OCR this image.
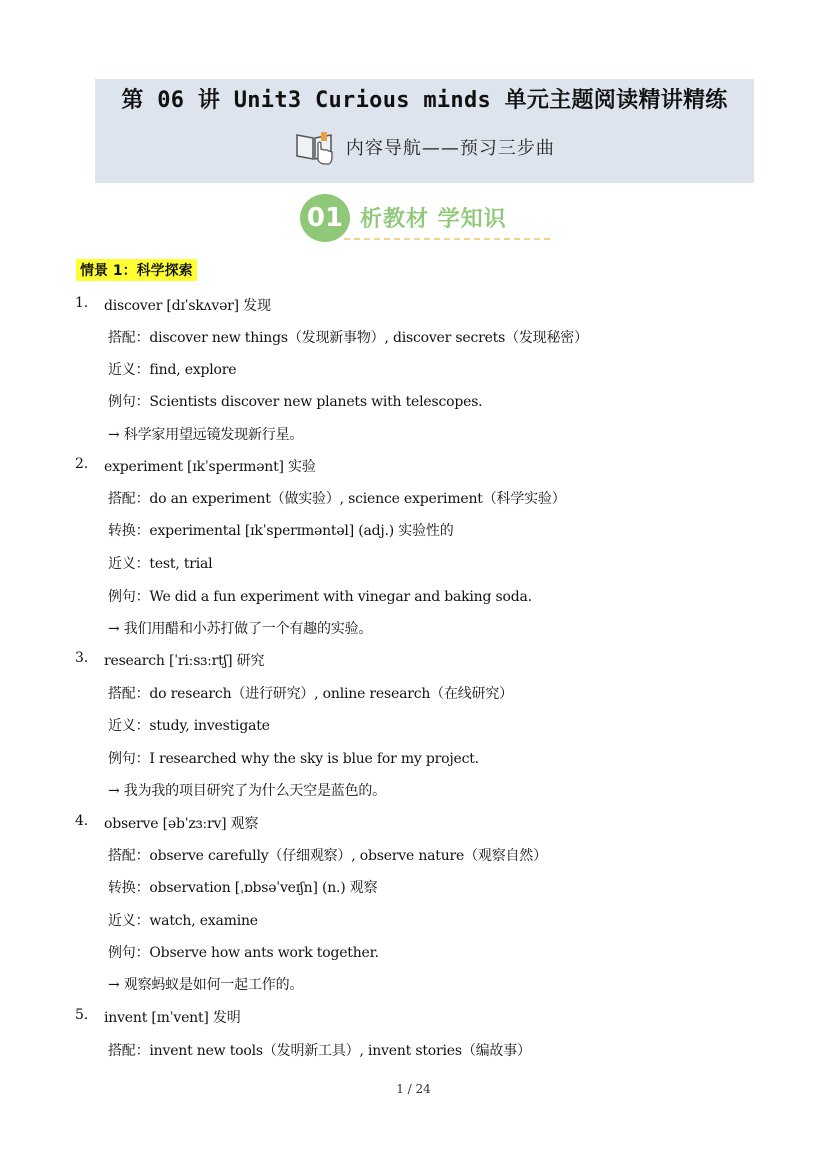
第 06 讲 Unit3 Curious minds 单元主题阅读精讲精练
内容导航——预习三步曲
01 析教材 学知识
情景 1：科学探索
1. discover [dɪˈskʌvər] 发现
搭配：discover new things（发现新事物）, discover secrets（发现秘密）
近义：find, explore
例句：Scientists discover new planets with telescopes.
→ 科学家用望远镜发现新行星。
2. experiment [ɪkˈsperɪmənt] 实验
搭配：do an experiment（做实验）, science experiment（科学实验）
转换：experimental [ɪkˈsperɪməntəl] (adj.) 实验性的
近义：test, trial
例句：We did a fun experiment with vinegar and baking soda.
→ 我们用醋和小苏打做了一个有趣的实验。
3. research [ˈriːsɜːrtʃ] 研究
搭配：do research（进行研究）, online research（在线研究）
近义：study, investigate
例句：I researched why the sky is blue for my project.
→ 我为我的项目研究了为什么天空是蓝色的。
4. observe [əbˈzɜːrv] 观察
搭配：observe carefully（仔细观察）, observe nature（观察自然）
转换：observation [ˌɒbsəˈveɪʃn] (n.) 观察
近义：watch, examine
例句：Observe how ants work together.
→ 观察蚂蚁是如何一起工作的。
5. invent [ɪnˈvent] 发明
搭配：invent new tools（发明新工具）, invent stories（编故事）
1 / 24
